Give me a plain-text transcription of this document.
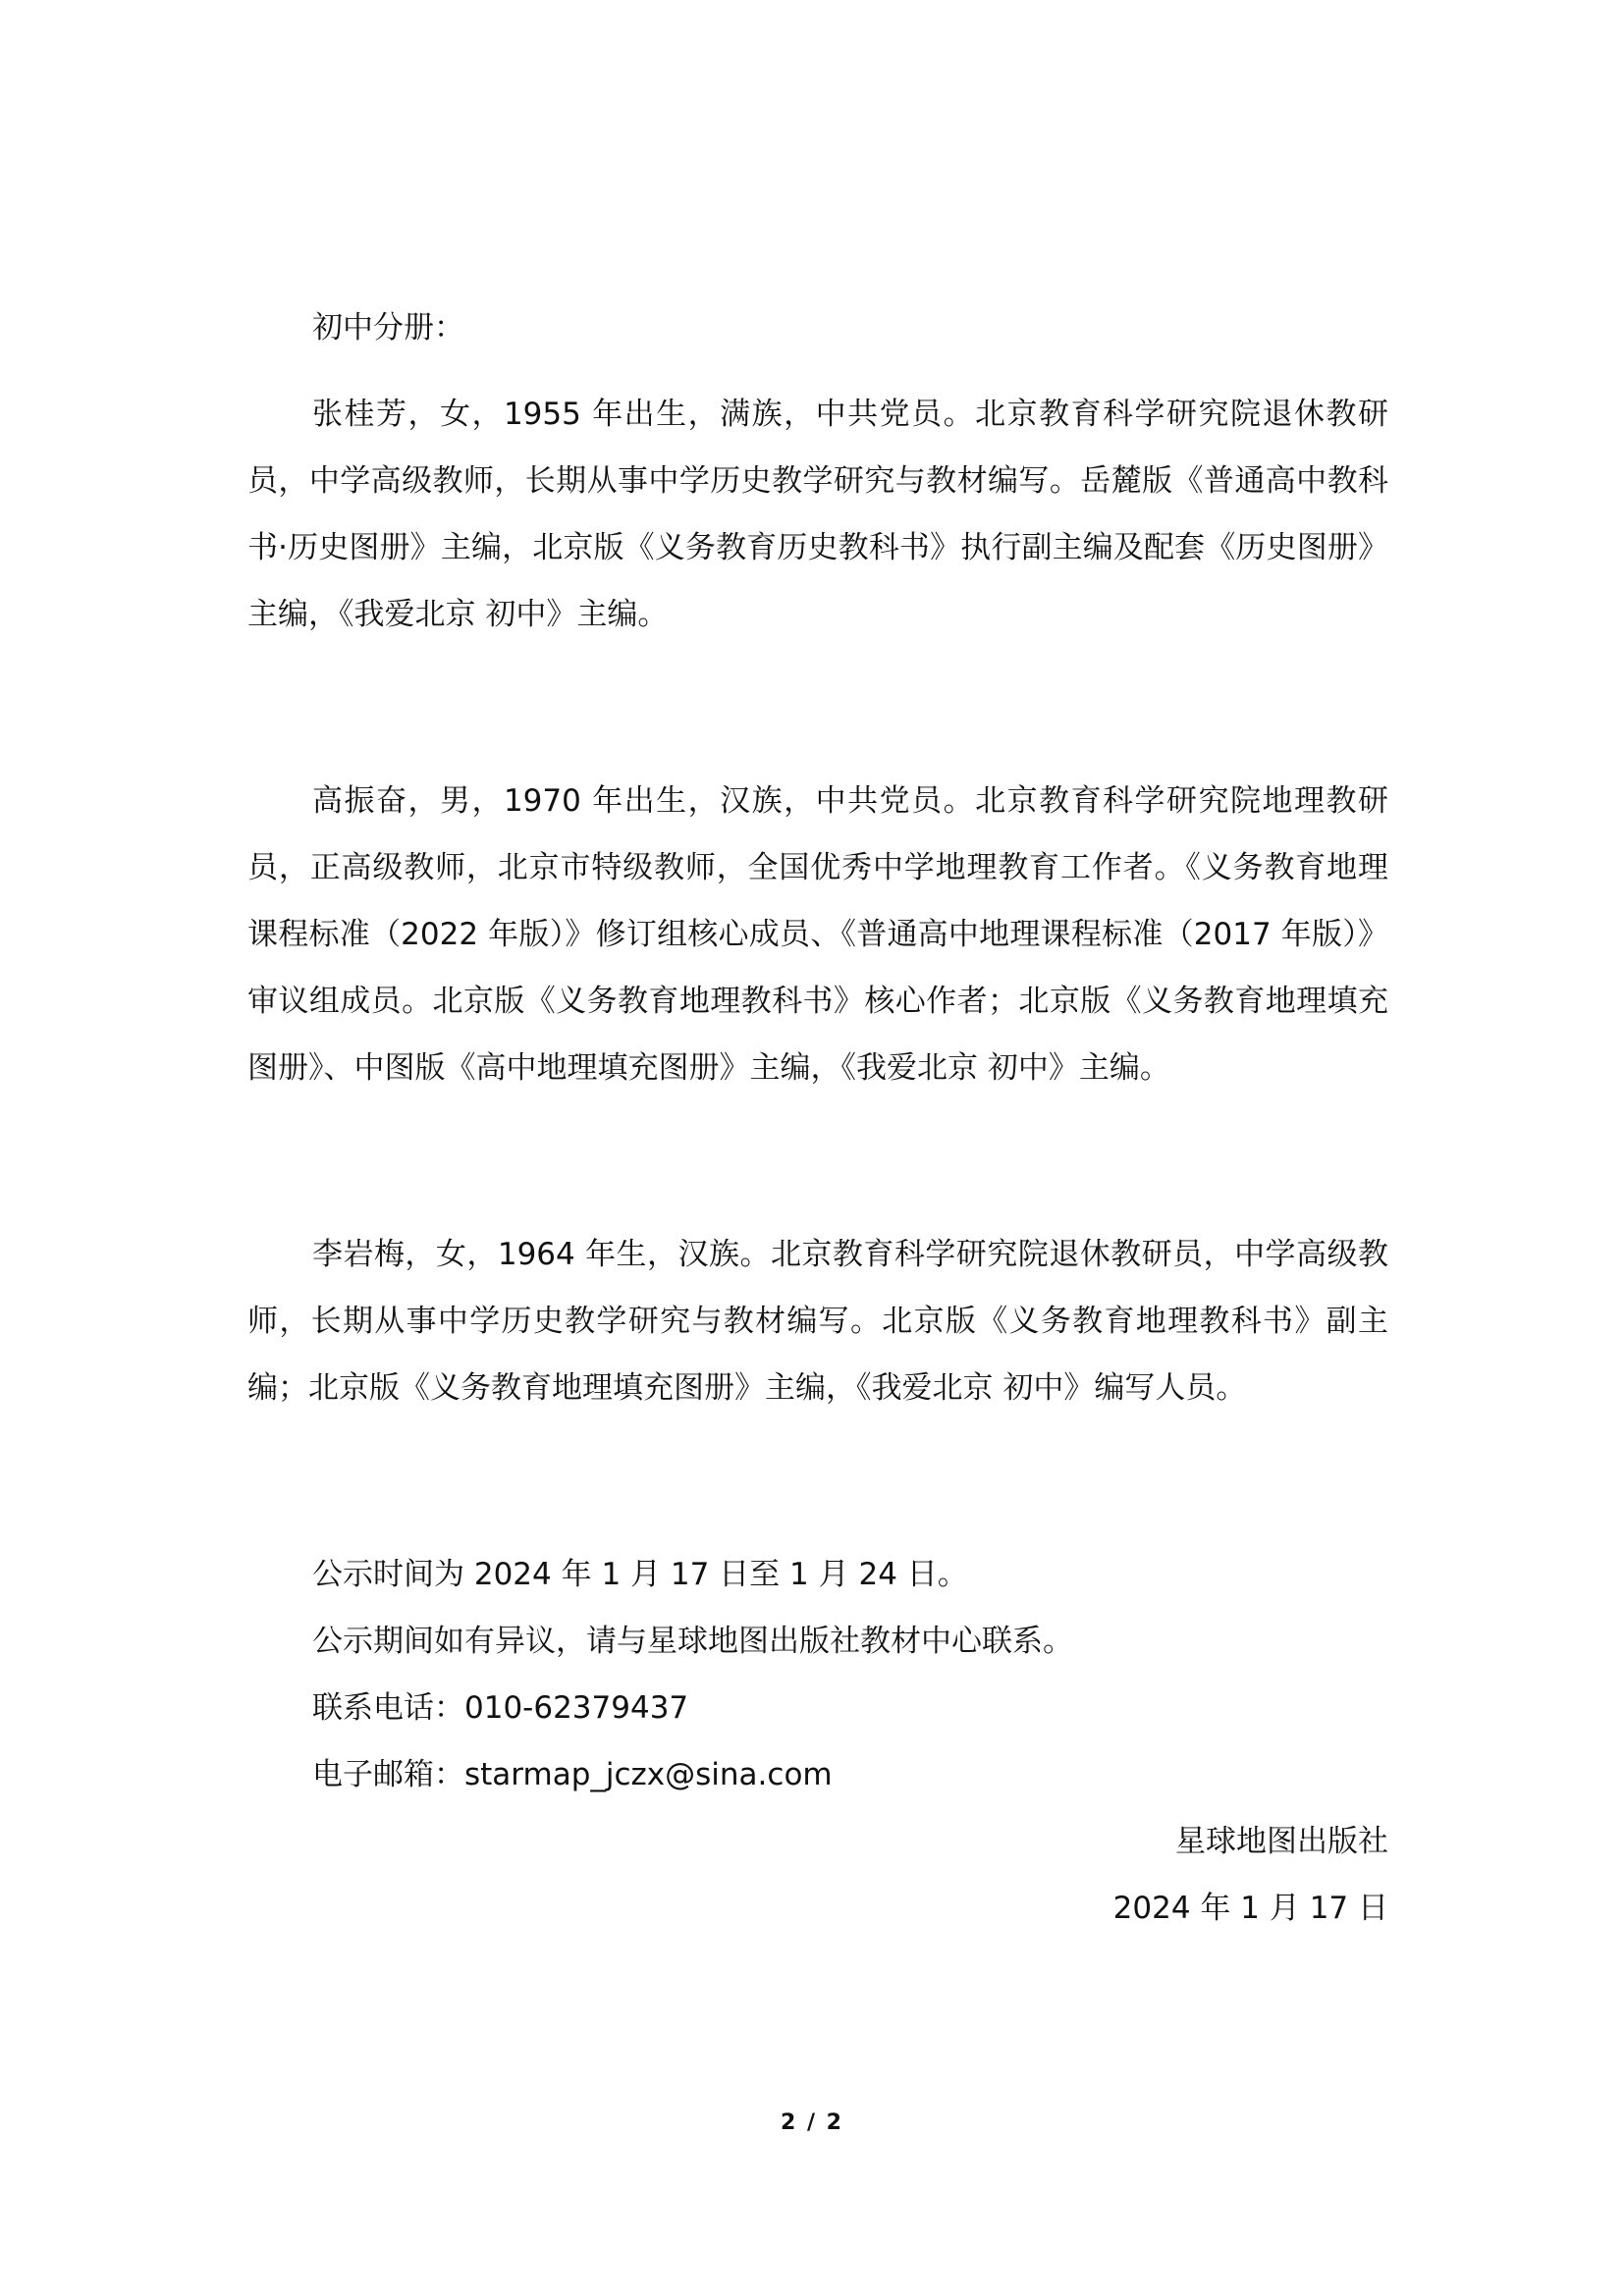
初中分册：

张桂芳，女，1955 年出生，满族，中共党员。北京教育科学研究院退休教研员，中学高级教师，长期从事中学历史教学研究与教材编写。岳麓版《普通高中教科书·历史图册》主编，北京版《义务教育历史教科书》执行副主编及配套《历史图册》主编，《我爱北京 初中》主编。

高振奋，男，1970 年出生，汉族，中共党员。北京教育科学研究院地理教研员，正高级教师，北京市特级教师，全国优秀中学地理教育工作者。《义务教育地理课程标准（2022 年版）》修订组核心成员、《普通高中地理课程标准（2017 年版）》审议组成员。北京版《义务教育地理教科书》核心作者；北京版《义务教育地理填充图册》、中图版《高中地理填充图册》主编，《我爱北京 初中》主编。

李岩梅，女，1964 年生，汉族。北京教育科学研究院退休教研员，中学高级教师，长期从事中学历史教学研究与教材编写。北京版《义务教育地理教科书》副主编；北京版《义务教育地理填充图册》主编，《我爱北京 初中》编写人员。

公示时间为 2024 年 1 月 17 日至 1 月 24 日。

公示期间如有异议，请与星球地图出版社教材中心联系。

联系电话：010-62379437

电子邮箱：starmap_jczx@sina.com

星球地图出版社

2024 年 1 月 17 日

2 / 2
